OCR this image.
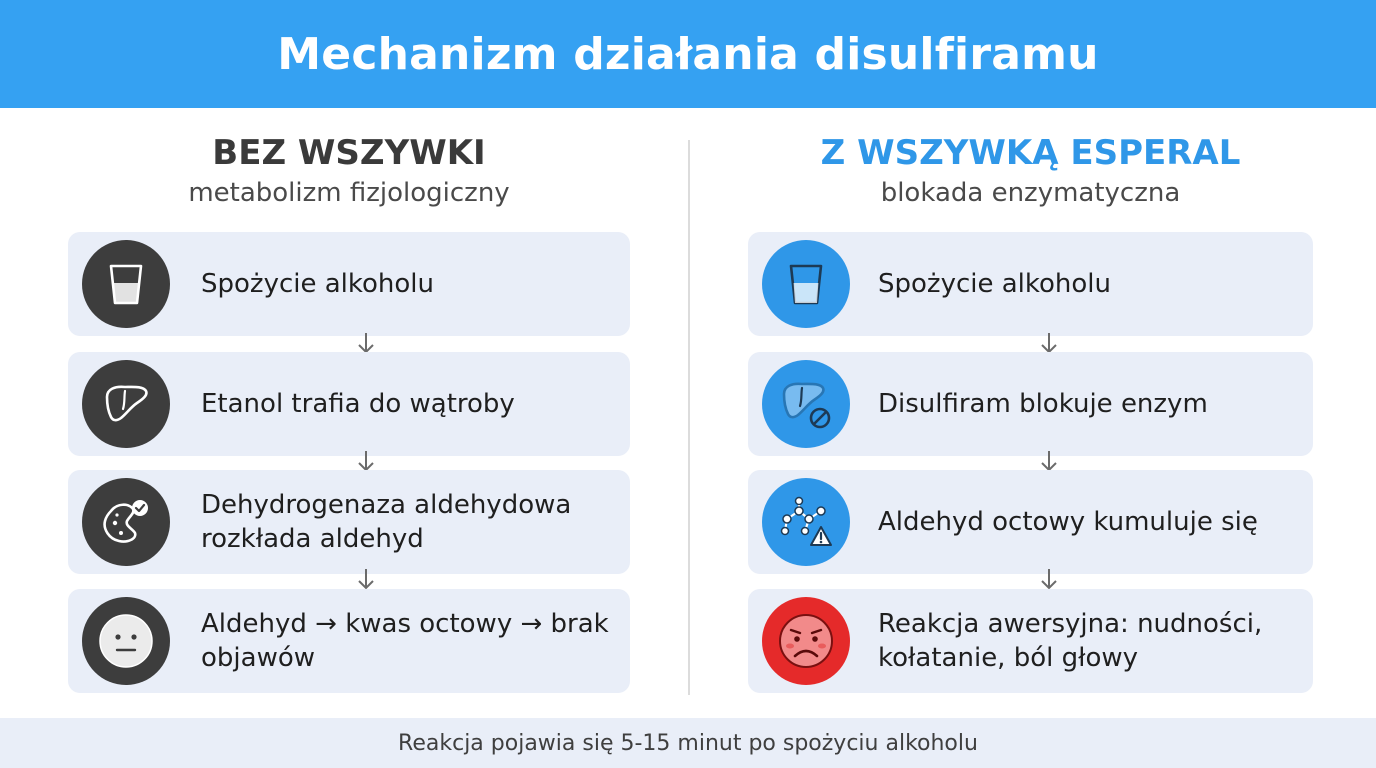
Mechanizm działania disulfiramu
BEZ WSZYWKI
metabolizm fizjologiczny
Spożycie alkoholu
Etanol trafia do wątroby
Dehydrogenaza aldehydowa rozkłada aldehyd
Aldehyd → kwas octowy → brak objawów
Z WSZYWKĄ ESPERAL
blokada enzymatyczna
Spożycie alkoholu
Disulfiram blokuje enzym
Aldehyd octowy kumuluje się
Reakcja awersyjna: nudności, kołatanie, ból głowy
Reakcja pojawia się 5-15 minut po spożyciu alkoholu
